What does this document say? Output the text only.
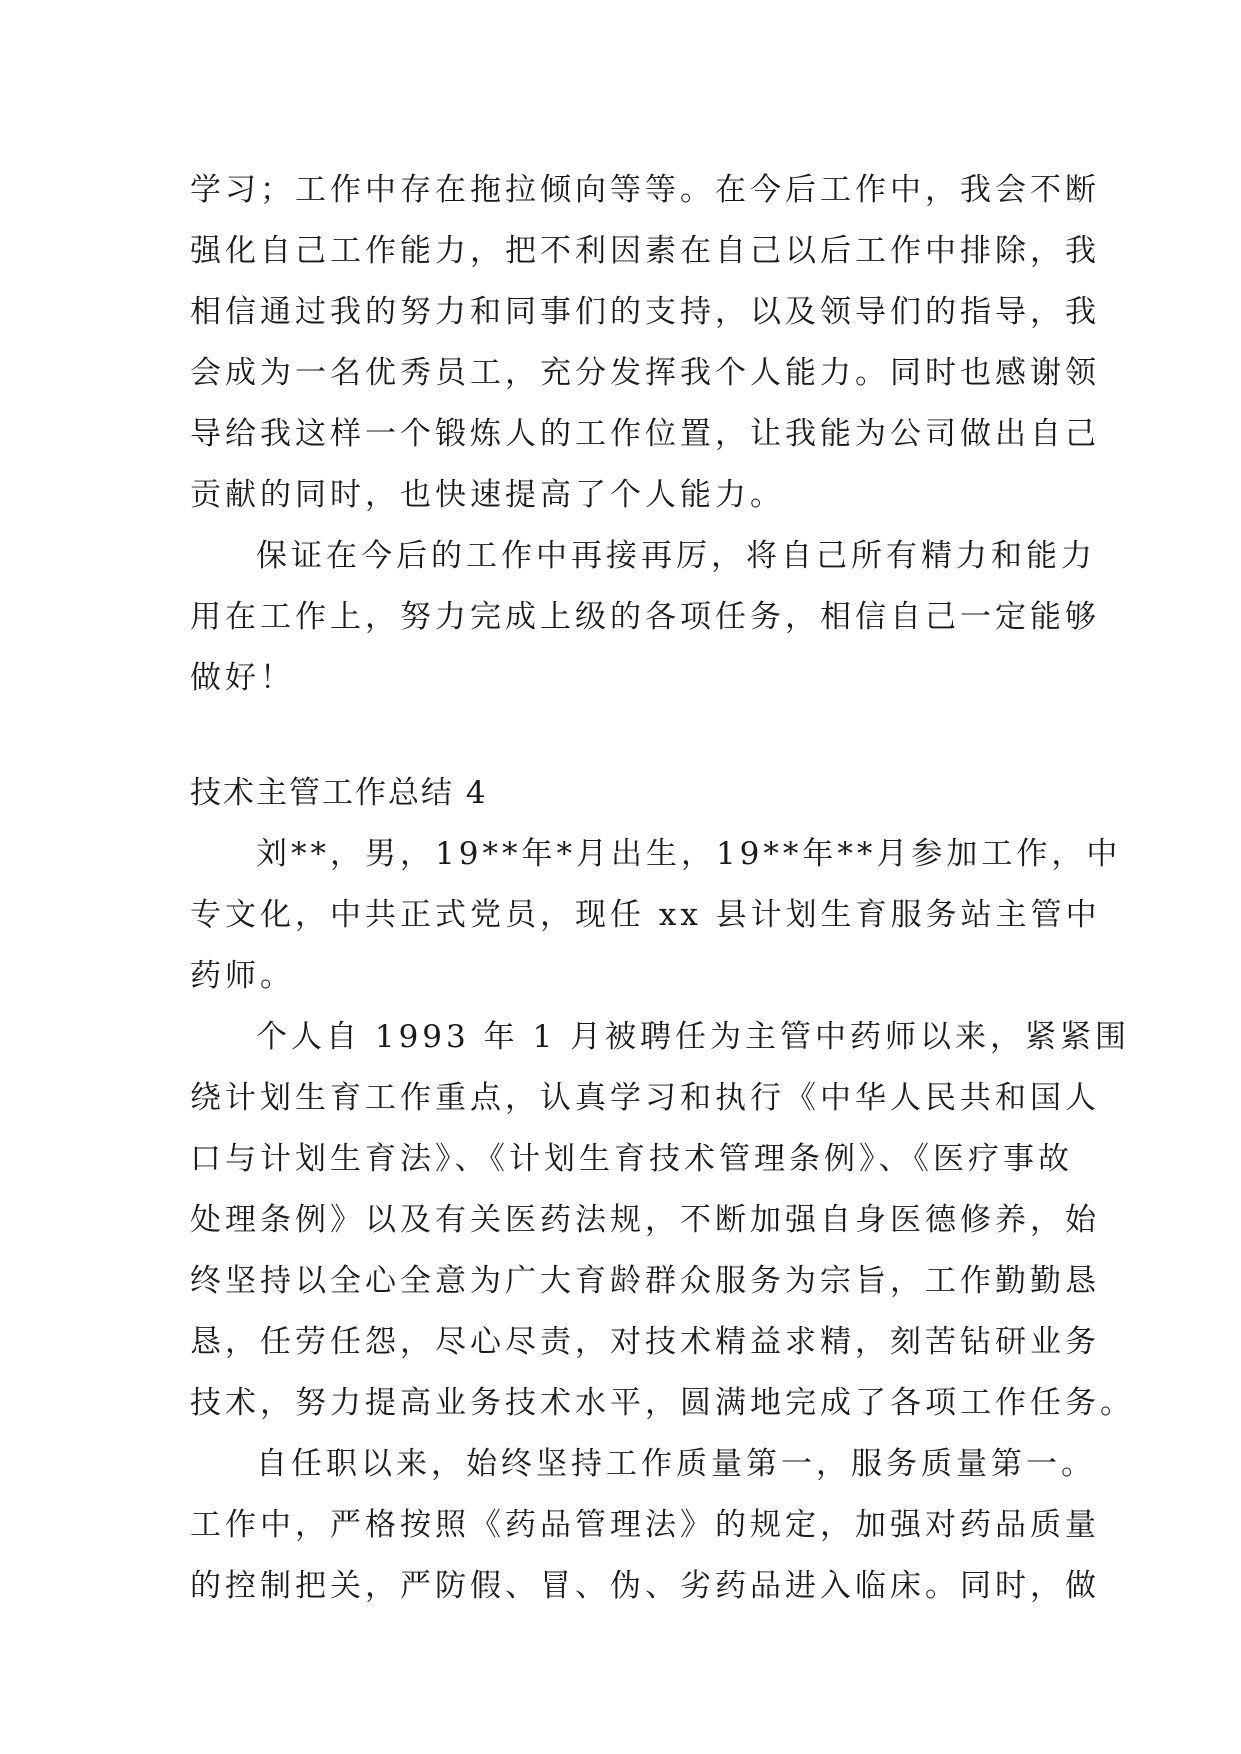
学习；工作中存在拖拉倾向等等。在今后工作中，我会不断
强化自己工作能力，把不利因素在自己以后工作中排除，我
相信通过我的努力和同事们的支持，以及领导们的指导，我
会成为一名优秀员工，充分发挥我个人能力。同时也感谢领
导给我这样一个锻炼人的工作位置，让我能为公司做出自己
贡献的同时，也快速提高了个人能力。
保证在今后的工作中再接再厉，将自己所有精力和能力
用在工作上，努力完成上级的各项任务，相信自己一定能够
做好！
技术主管工作总结 4
刘**，男，19**年*月出生，19**年**月参加工作，中
专文化，中共正式党员，现任 xx 县计划生育服务站主管中
药师。
个人自 1993 年 1 月被聘任为主管中药师以来，紧紧围
绕计划生育工作重点，认真学习和执行《中华人民共和国人
口与计划生育法》、《计划生育技术管理条例》、《医疗事故
处理条例》以及有关医药法规，不断加强自身医德修养，始
终坚持以全心全意为广大育龄群众服务为宗旨，工作勤勤恳
恳，任劳任怨，尽心尽责，对技术精益求精，刻苦钻研业务
技术，努力提高业务技术水平，圆满地完成了各项工作任务。
自任职以来，始终坚持工作质量第一，服务质量第一。
工作中，严格按照《药品管理法》的规定，加强对药品质量
的控制把关，严防假、冒、伪、劣药品进入临床。同时，做
